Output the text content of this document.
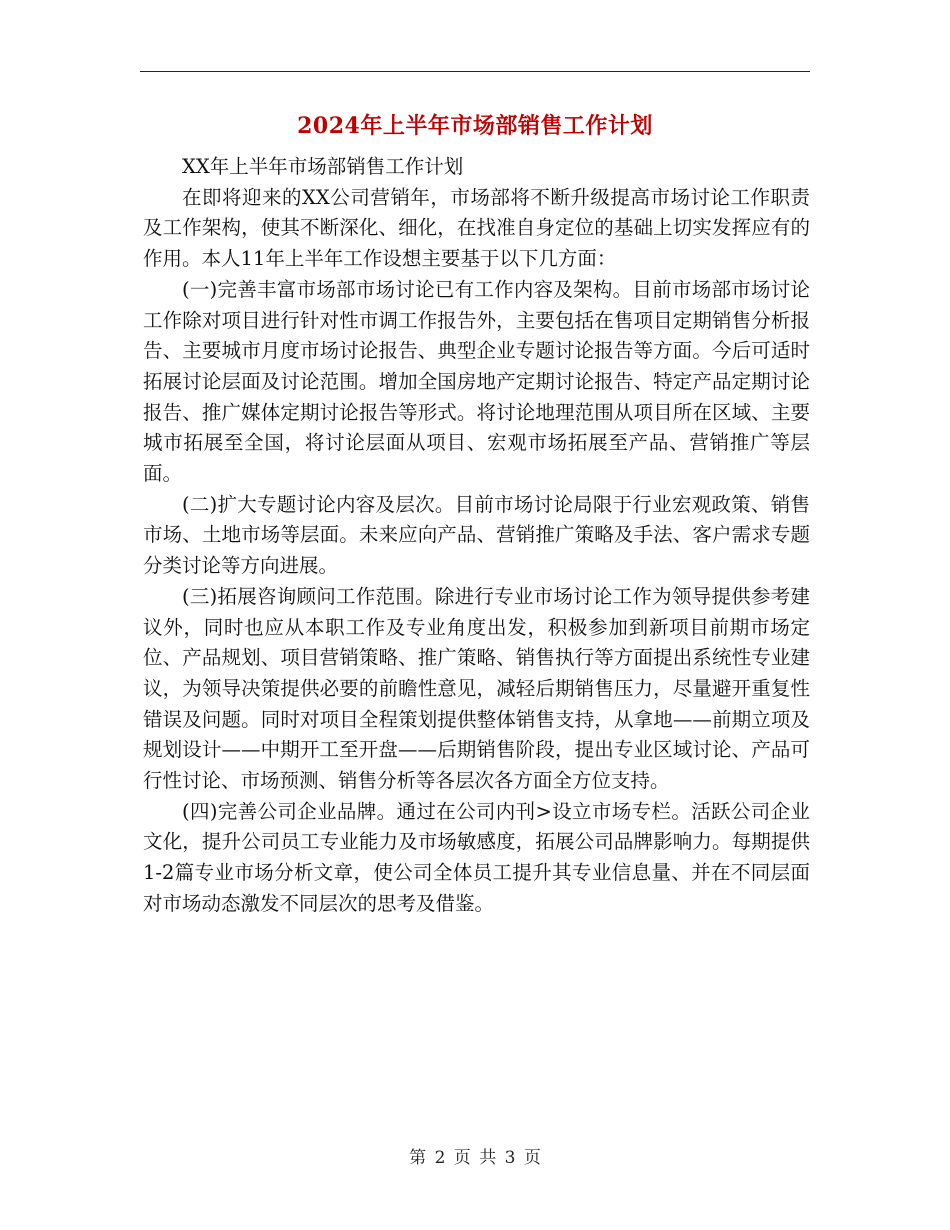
2024年上半年市场部销售工作计划

XX年上半年市场部销售工作计划

在即将迎来的XX公司营销年，市场部将不断升级提高市场讨论工作职责及工作架构，使其不断深化、细化，在找准自身定位的基础上切实发挥应有的作用。本人11年上半年工作设想主要基于以下几方面：

(一)完善丰富市场部市场讨论已有工作内容及架构。目前市场部市场讨论工作除对项目进行针对性市调工作报告外，主要包括在售项目定期销售分析报告、主要城市月度市场讨论报告、典型企业专题讨论报告等方面。今后可适时拓展讨论层面及讨论范围。增加全国房地产定期讨论报告、特定产品定期讨论报告、推广媒体定期讨论报告等形式。将讨论地理范围从项目所在区域、主要城市拓展至全国，将讨论层面从项目、宏观市场拓展至产品、营销推广等层面。

(二)扩大专题讨论内容及层次。目前市场讨论局限于行业宏观政策、销售市场、土地市场等层面。未来应向产品、营销推广策略及手法、客户需求专题分类讨论等方向进展。

(三)拓展咨询顾问工作范围。除进行专业市场讨论工作为领导提供参考建议外，同时也应从本职工作及专业角度出发，积极参加到新项目前期市场定位、产品规划、项目营销策略、推广策略、销售执行等方面提出系统性专业建议，为领导决策提供必要的前瞻性意见，减轻后期销售压力，尽量避开重复性错误及问题。同时对项目全程策划提供整体销售支持，从拿地——前期立项及规划设计——中期开工至开盘——后期销售阶段，提出专业区域讨论、产品可行性讨论、市场预测、销售分析等各层次各方面全方位支持。

(四)完善公司企业品牌。通过在公司内刊>设立市场专栏。活跃公司企业文化，提升公司员工专业能力及市场敏感度，拓展公司品牌影响力。每期提供1-2篇专业市场分析文章，使公司全体员工提升其专业信息量、并在不同层面对市场动态激发不同层次的思考及借鉴。

第 2 页 共 3 页
